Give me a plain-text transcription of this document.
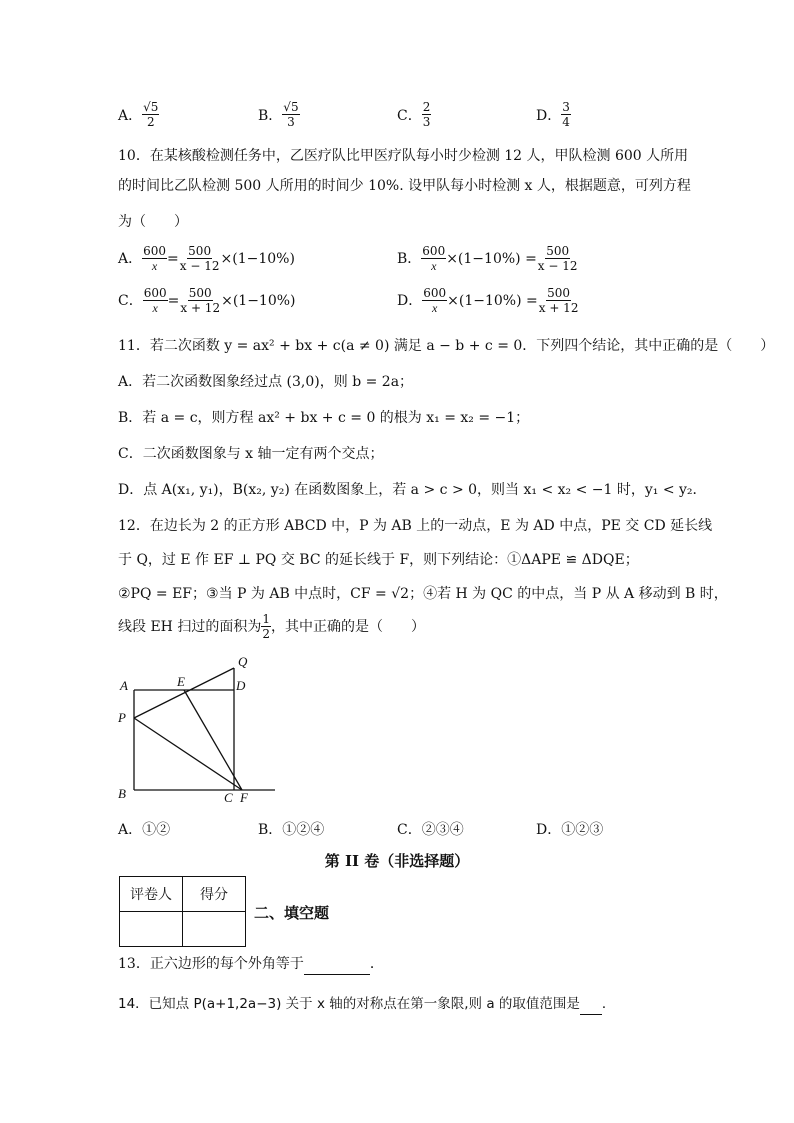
A． $\frac{√5}{2}$	B． $\frac{√5}{3}$	C． $\frac{2}{3}$	D． $\frac{3}{4}$
10．在某核酸检测任务中，乙医疗队比甲医疗队每小时少检测 12 人，甲队检测 600 人所用
的时间比乙队检测 500 人所用的时间少 10%. 设甲队每小时检测 x 人，根据题意，可列方程
为（　　）
A． $\frac{600}{x} = \frac{500}{x - 12} \times(1-10\%)$	B． $\frac{600}{x} \times(1-10\%) = \frac{500}{x - 12}$
C． $\frac{600}{x} = \frac{500}{x + 12} \times(1-10\%)$	D． $\frac{600}{x} \times(1-10\%) = \frac{500}{x + 12}$
11．若二次函数 y = ax² + bx + c(a ≠ 0) 满足 a − b + c = 0．下列四个结论，其中正确的是（　　）
A．若二次函数图象经过点 (3,0)，则 b = 2a；
B．若 a = c，则方程 ax² + bx + c = 0 的根为 x₁ = x₂ = −1；
C．二次函数图象与 x 轴一定有两个交点；
D．点 A(x₁, y₁)，B(x₂, y₂) 在函数图象上，若 a > c > 0，则当 x₁ < x₂ < −1 时，y₁ < y₂．
12．在边长为 2 的正方形 ABCD 中，P 为 AB 上的一动点，E 为 AD 中点，PE 交 CD 延长线
于 Q，过 E 作 EF ⊥ PQ 交 BC 的延长线于 F，则下列结论：①ΔAPE ≌ ΔDQE；
②PQ = EF；③当 P 为 AB 中点时，CF = √2；④若 H 为 QC 的中点，当 P 从 A 移动到 B 时，
线段 EH 扫过的面积为 $\frac{1}{2}$ ，其中正确的是（　　）
Q
A	E	D
P
B	C F
A．①②	B．①②④	C．②③④	D．①②③
第 II 卷（非选择题）
评卷人	得分

二、填空题
13．正六边形的每个外角等于	．
14．已知点 P(a+1,2a−3) 关于 x 轴的对称点在第一象限,则 a 的取值范围是 ．
